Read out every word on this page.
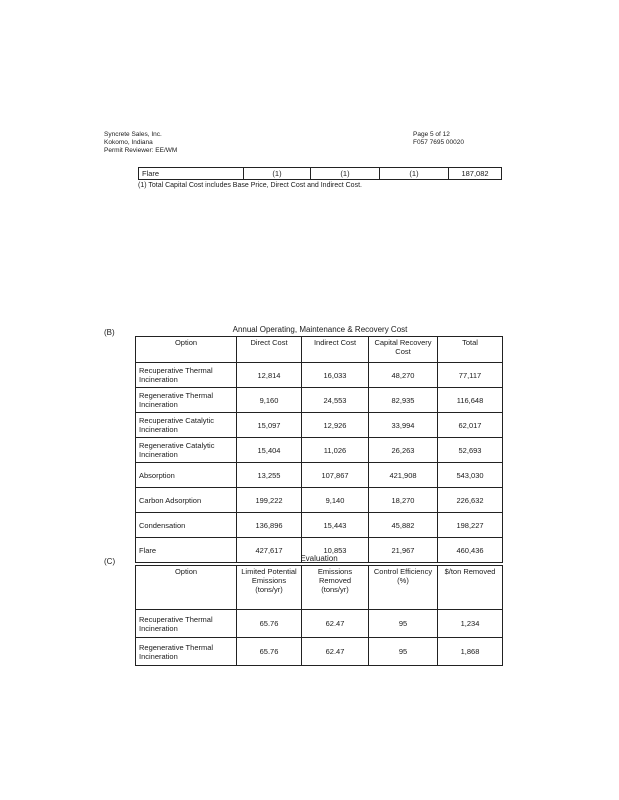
Syncrete Sales, Inc.
Kokomo, Indiana
Permit Reviewer: EE/WM
Page 5 of 12
F057 7695 00020
Flare	(1)	(1)	(1)	187,082
(1) Total Capital Cost includes Base Price, Direct Cost and Indirect Cost.
(B)	Annual Operating, Maintenance & Recovery Cost
Option	Direct Cost	Indirect Cost	Capital Recovery Cost	Total
Recuperative Thermal Incineration	12,814	16,033	48,270	77,117
Regenerative Thermal Incineration	9,160	24,553	82,935	116,648
Recuperative Catalytic Incineration	15,097	12,926	33,994	62,017
Regenerative Catalytic Incineration	15,404	11,026	26,263	52,693
Absorption	13,255	107,867	421,908	543,030
Carbon Adsorption	199,222	9,140	18,270	226,632
Condensation	136,896	15,443	45,882	198,227
Flare	427,617	10,853	21,967	460,436
(C)	Evaluation
Option	Limited Potential Emissions (tons/yr)	Emissions Removed (tons/yr)	Control Efficiency (%)	$/ton Removed
Recuperative Thermal Incineration	65.76	62.47	95	1,234
Regenerative Thermal Incineration	65.76	62.47	95	1,868
